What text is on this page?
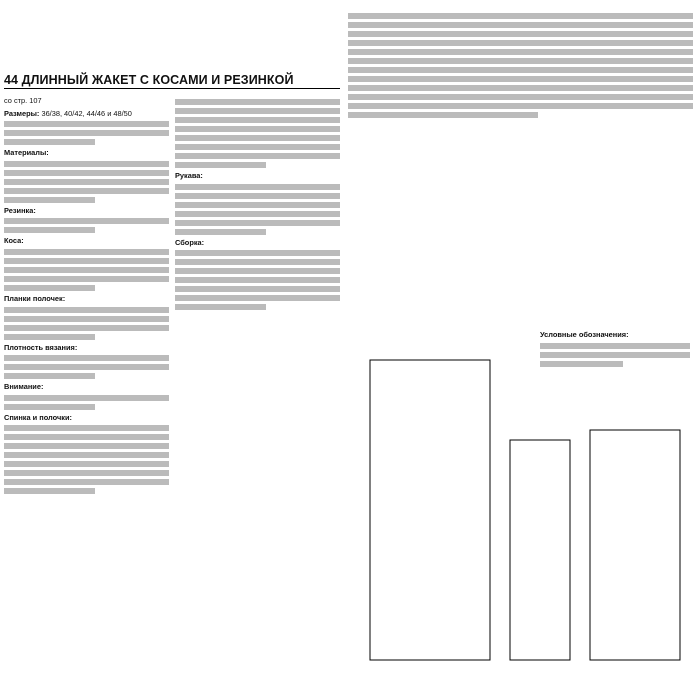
44 ДЛИННЫЙ ЖАКЕТ С КОСАМИ И РЕЗИНКОЙ

со стр. 107

Размеры: 36/38, 40/42, 44/46 и 48/50

Материалы:

Резинка:

Коса:

Планки полочек:

Плотность вязания:

Внимание:

Спинка и полочки:

Рукава:

Сборка:

Условные обозначения:
